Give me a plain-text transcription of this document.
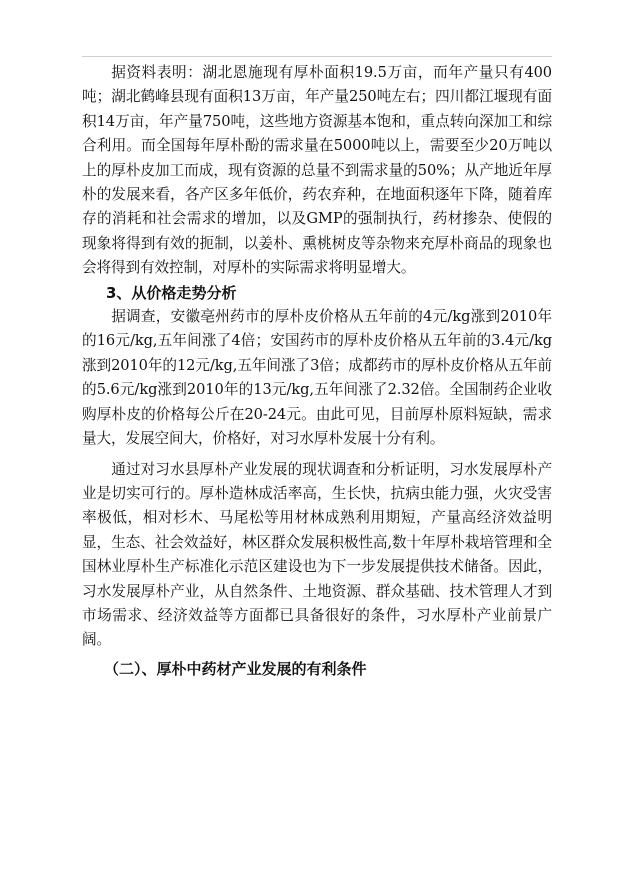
据资料表明：湖北恩施现有厚朴面积19.5万亩，而年产量只有400吨；湖北鹤峰县现有面积13万亩，年产量250吨左右；四川都江堰现有面积14万亩，年产量750吨，这些地方资源基本饱和，重点转向深加工和综合利用。而全国每年厚朴酚的需求量在5000吨以上，需要至少20万吨以上的厚朴皮加工而成，现有资源的总量不到需求量的50%；从产地近年厚朴的发展来看，各产区多年低价，药农弃种，在地面积逐年下降，随着库存的消耗和社会需求的增加，以及GMP的强制执行，药材掺杂、使假的现象将得到有效的扼制，以姜朴、熏桃树皮等杂物来充厚朴商品的现象也会将得到有效控制，对厚朴的实际需求将明显增大。

3、从价格走势分析

据调查，安徽亳州药市的厚朴皮价格从五年前的4元/kg涨到2010年的16元/kg,五年间涨了4倍；安国药市的厚朴皮价格从五年前的3.4元/kg涨到2010年的12元/kg,五年间涨了3倍；成都药市的厚朴皮价格从五年前的5.6元/kg涨到2010年的13元/kg,五年间涨了2.32倍。全国制药企业收购厚朴皮的价格每公斤在20-24元。由此可见，目前厚朴原料短缺，需求量大，发展空间大，价格好，对习水厚朴发展十分有利。

通过对习水县厚朴产业发展的现状调查和分析证明，习水发展厚朴产业是切实可行的。厚朴造林成活率高，生长快，抗病虫能力强，火灾受害率极低，相对杉木、马尾松等用材林成熟利用期短，产量高经济效益明显，生态、社会效益好，林区群众发展积极性高,数十年厚朴栽培管理和全国林业厚朴生产标准化示范区建设也为下一步发展提供技术储备。因此，习水发展厚朴产业，从自然条件、土地资源、群众基础、技术管理人才到市场需求、经济效益等方面都已具备很好的条件，习水厚朴产业前景广阔。

（二）、厚朴中药材产业发展的有利条件
